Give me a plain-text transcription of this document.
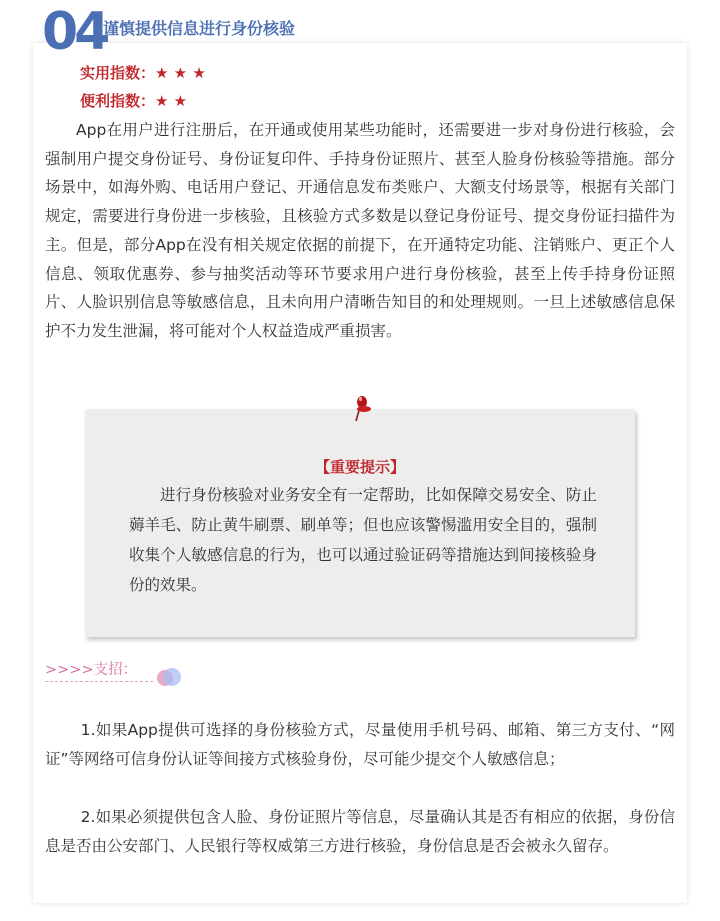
04
谨慎提供信息进行身份核验
实用指数：★ ★ ★
便利指数：★ ★

App在用户进行注册后，在开通或使用某些功能时，还需要进一步对身份进行核验，会强制用户提交身份证号、身份证复印件、手持身份证照片、甚至人脸身份核验等措施。部分场景中，如海外购、电话用户登记、开通信息发布类账户、大额支付场景等，根据有关部门规定，需要进行身份进一步核验，且核验方式多数是以登记身份证号、提交身份证扫描件为主。但是，部分App在没有相关规定依据的前提下，在开通特定功能、注销账户、更正个人信息、领取优惠券、参与抽奖活动等环节要求用户进行身份核验，甚至上传手持身份证照片、人脸识别信息等敏感信息，且未向用户清晰告知目的和处理规则。一旦上述敏感信息保护不力发生泄漏，将可能对个人权益造成严重损害。

【重要提示】

进行身份核验对业务安全有一定帮助，比如保障交易安全、防止薅羊毛、防止黄牛刷票、刷单等；但也应该警惕滥用安全目的，强制收集个人敏感信息的行为，也可以通过验证码等措施达到间接核验身份的效果。

>>>>支招：

1.如果App提供可选择的身份核验方式，尽量使用手机号码、邮箱、第三方支付、“网证”等网络可信身份认证等间接方式核验身份，尽可能少提交个人敏感信息；

2.如果必须提供包含人脸、身份证照片等信息，尽量确认其是否有相应的依据，身份信息是否由公安部门、人民银行等权威第三方进行核验，身份信息是否会被永久留存。
